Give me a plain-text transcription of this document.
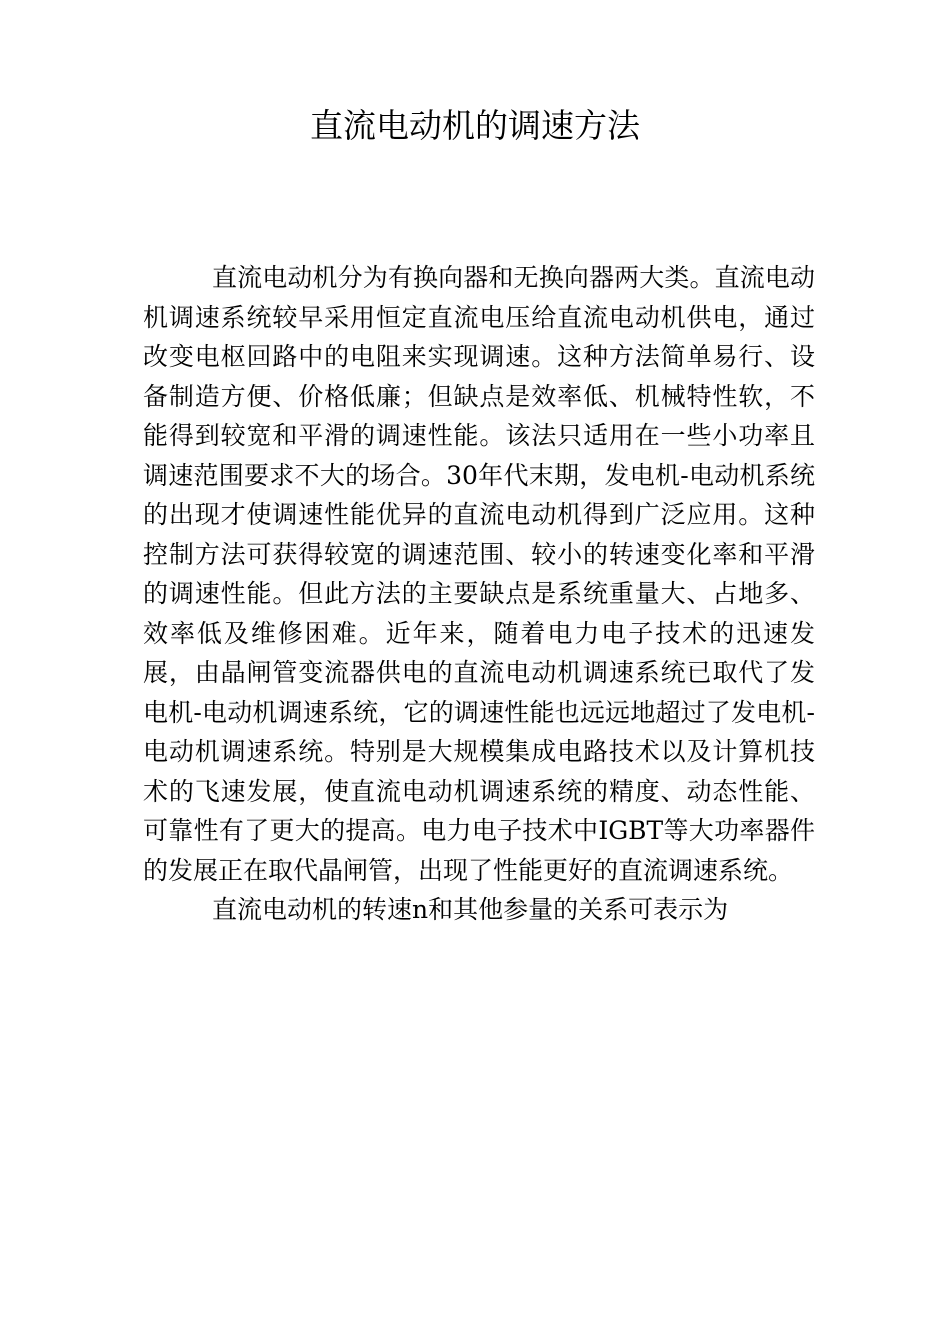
直流电动机的调速方法

直流电动机分为有换向器和无换向器两大类。直流电动机调速系统较早采用恒定直流电压给直流电动机供电，通过改变电枢回路中的电阻来实现调速。这种方法简单易行、设备制造方便、价格低廉；但缺点是效率低、机械特性软，不能得到较宽和平滑的调速性能。该法只适用在一些小功率且调速范围要求不大的场合。30年代末期，发电机-电动机系统的出现才使调速性能优异的直流电动机得到广泛应用。这种控制方法可获得较宽的调速范围、较小的转速变化率和平滑的调速性能。但此方法的主要缺点是系统重量大、占地多、效率低及维修困难。近年来，随着电力电子技术的迅速发展，由晶闸管变流器供电的直流电动机调速系统已取代了发电机-电动机调速系统，它的调速性能也远远地超过了发电机-电动机调速系统。特别是大规模集成电路技术以及计算机技术的飞速发展，使直流电动机调速系统的精度、动态性能、可靠性有了更大的提高。电力电子技术中IGBT等大功率器件的发展正在取代晶闸管，出现了性能更好的直流调速系统。

直流电动机的转速n和其他参量的关系可表示为
